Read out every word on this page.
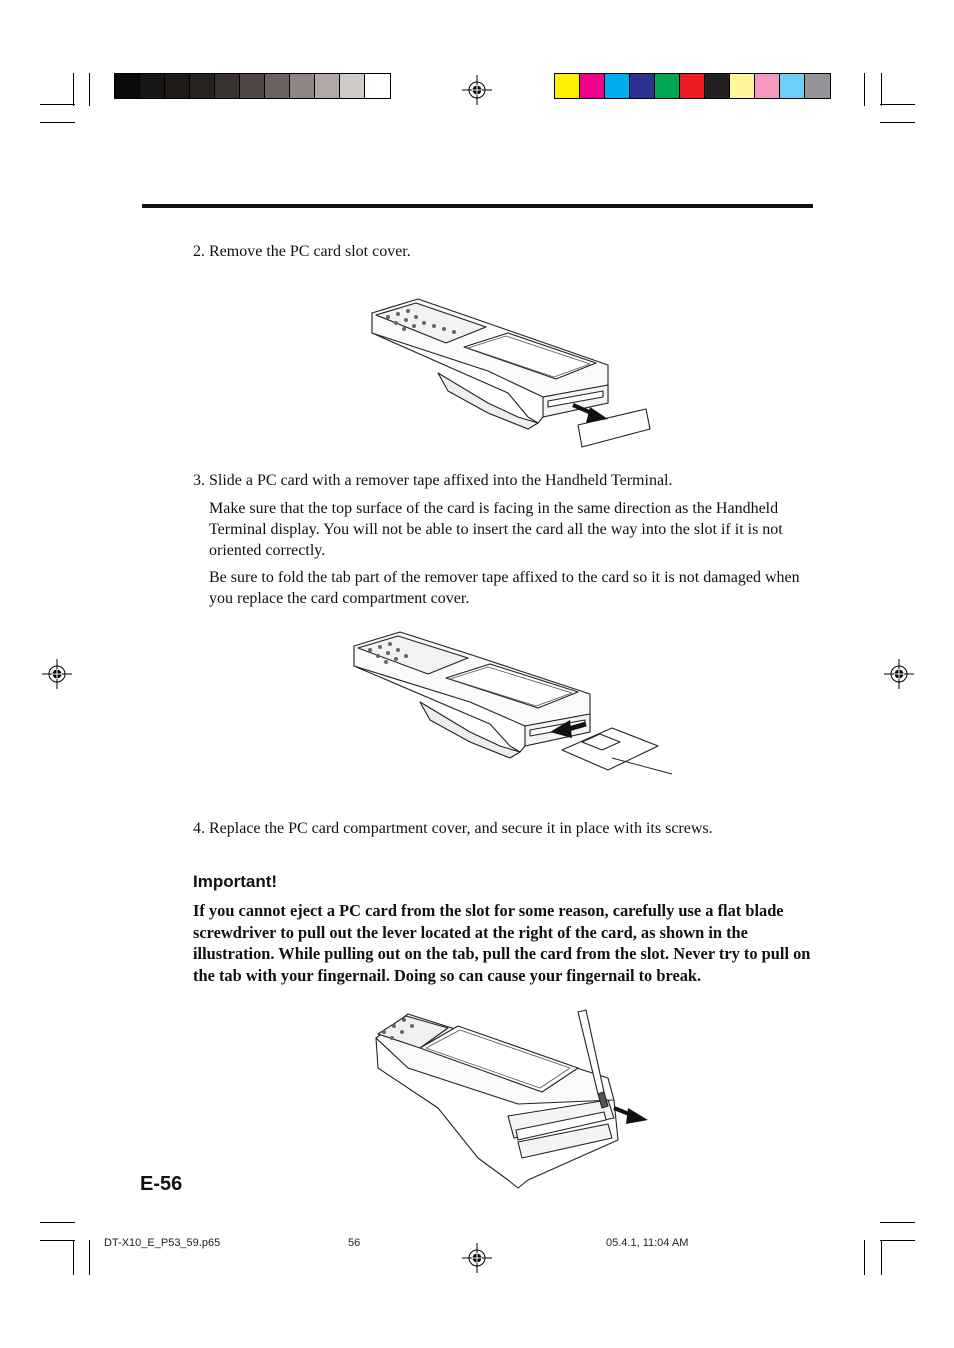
2. Remove the PC card slot cover.
3. Slide a PC card with a remover tape affixed into the Handheld Terminal.
Make sure that the top surface of the card is facing in the same direction as the Handheld Terminal display. You will not be able to insert the card all the way into the slot if it is not oriented correctly.
Be sure to fold the tab part of the remover tape affixed to the card so it is not damaged when you replace the card compartment cover.
4. Replace the PC card compartment cover, and secure it in place with its screws.
Important!
If you cannot eject a PC card from the slot for some reason, carefully use a flat blade screwdriver to pull out the lever located at the right of the card, as shown in the illustration. While pulling out on the tab, pull the card from the slot. Never try to pull on the tab with your fingernail. Doing so can cause your fingernail to break.
E-56
DT-X10_E_P53_59.p65	56	05.4.1, 11:04 AM
